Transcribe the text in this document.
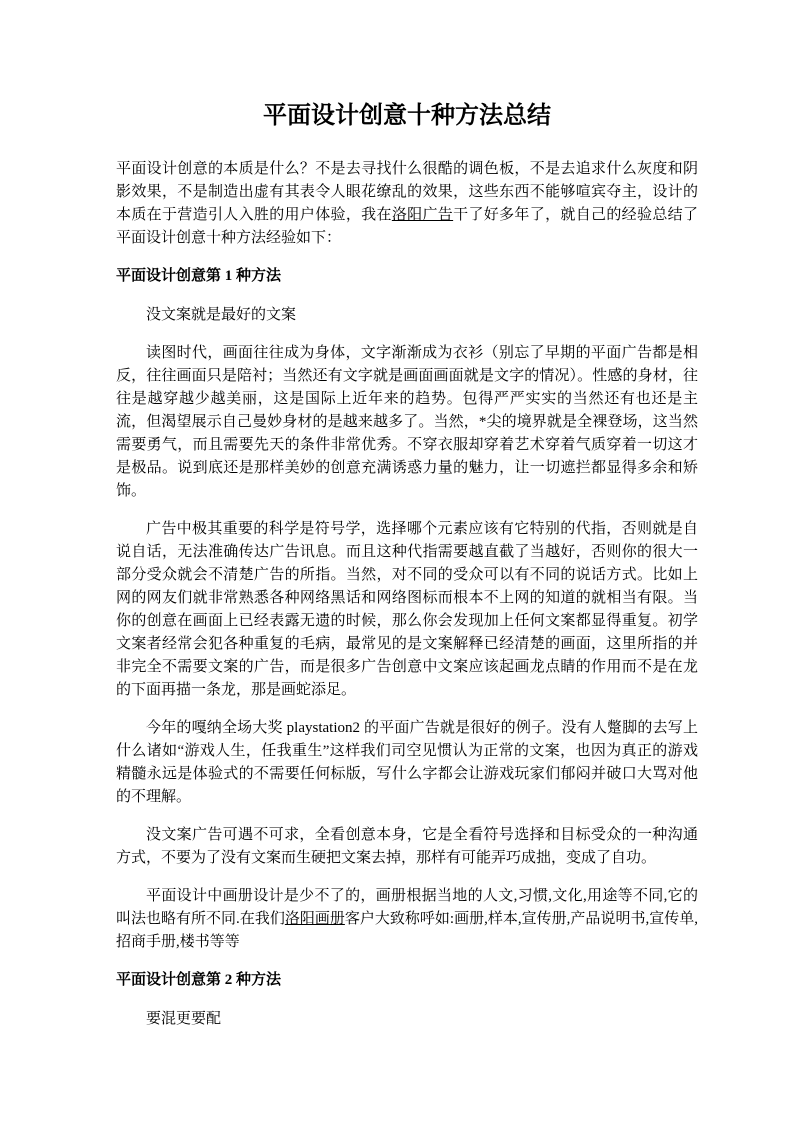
平面设计创意十种方法总结

平面设计创意的本质是什么？不是去寻找什么很酷的调色板，不是去追求什么灰度和阴影效果，不是制造出虚有其表令人眼花缭乱的效果，这些东西不能够喧宾夺主，设计的本质在于营造引人入胜的用户体验，我在洛阳广告干了好多年了，就自己的经验总结了平面设计创意十种方法经验如下：

平面设计创意第 1 种方法

没文案就是最好的文案

读图时代，画面往往成为身体，文字渐渐成为衣衫（别忘了早期的平面广告都是相反，往往画面只是陪衬；当然还有文字就是画面画面就是文字的情况）。性感的身材，往往是越穿越少越美丽，这是国际上近年来的趋势。包得严严实实的当然还有也还是主流，但渴望展示自己曼妙身材的是越来越多了。当然，*尖的境界就是全裸登场，这当然需要勇气，而且需要先天的条件非常优秀。不穿衣服却穿着艺术穿着气质穿着一切这才是极品。说到底还是那样美妙的创意充满诱惑力量的魅力，让一切遮拦都显得多余和矫饰。

广告中极其重要的科学是符号学，选择哪个元素应该有它特别的代指，否则就是自说自话，无法准确传达广告讯息。而且这种代指需要越直截了当越好，否则你的很大一部分受众就会不清楚广告的所指。当然，对不同的受众可以有不同的说话方式。比如上网的网友们就非常熟悉各种网络黑话和网络图标而根本不上网的知道的就相当有限。当你的创意在画面上已经表露无遗的时候，那么你会发现加上任何文案都显得重复。初学文案者经常会犯各种重复的毛病，最常见的是文案解释已经清楚的画面，这里所指的并非完全不需要文案的广告，而是很多广告创意中文案应该起画龙点睛的作用而不是在龙的下面再描一条龙，那是画蛇添足。

今年的嘎纳全场大奖 playstation2 的平面广告就是很好的例子。没有人蹩脚的去写上什么诸如“游戏人生，任我重生”这样我们司空见惯认为正常的文案，也因为真正的游戏精髓永远是体验式的不需要任何标版，写什么字都会让游戏玩家们郁闷并破口大骂对他的不理解。

没文案广告可遇不可求，全看创意本身，它是全看符号选择和目标受众的一种沟通方式，不要为了没有文案而生硬把文案去掉，那样有可能弄巧成拙，变成了自功。

平面设计中画册设计是少不了的，画册根据当地的人文,习惯,文化,用途等不同,它的叫法也略有所不同.在我们洛阳画册客户大致称呼如:画册,样本,宣传册,产品说明书,宣传单,招商手册,楼书等等

平面设计创意第 2 种方法

要混更要配
